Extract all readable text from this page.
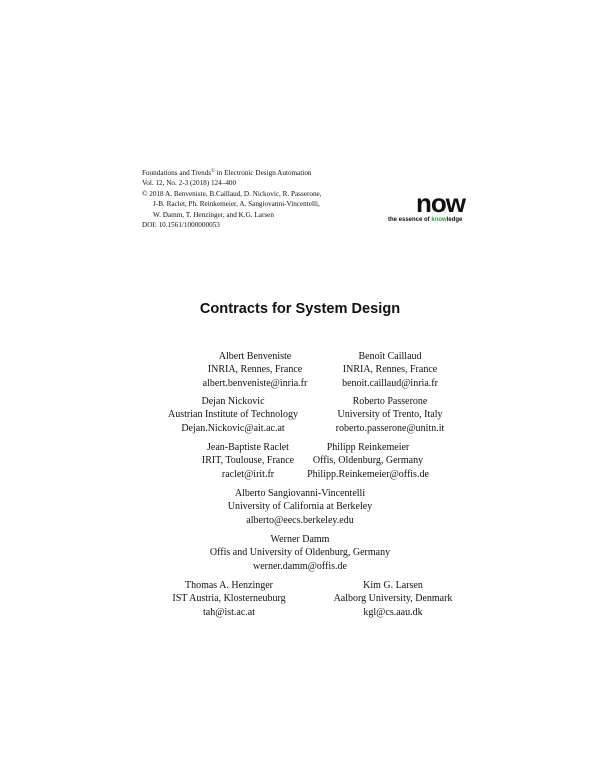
Foundations and Trends© in Electronic Design Automation
Vol. 12, No. 2-3 (2018) 124–400
© 2018 A. Benveniste, B.Caillaud, D. Nickovic, R. Passerone,
J-B. Raclet, Ph. Reinkemeier, A. Sangiovanni-Vincentelli,
W. Damm, T. Henzinger, and K.G. Larsen
DOI: 10.1561/1000000053
now
the essence of knowledge
Contracts for System Design
Albert Benveniste
INRIA, Rennes, France
albert.benveniste@inria.fr
Benoît Caillaud
INRIA, Rennes, France
benoit.caillaud@inria.fr
Dejan Nickovic
Austrian Institute of Technology
Dejan.Nickovic@ait.ac.at
Roberto Passerone
University of Trento, Italy
roberto.passerone@unitn.it
Jean-Baptiste Raclet
IRIT, Toulouse, France
raclet@irit.fr
Philipp Reinkemeier
Offis, Oldenburg, Germany
Philipp.Reinkemeier@offis.de
Alberto Sangiovanni-Vincentelli
University of California at Berkeley
alberto@eecs.berkeley.edu
Werner Damm
Offis and University of Oldenburg, Germany
werner.damm@offis.de
Thomas A. Henzinger
IST Austria, Klosterneuburg
tah@ist.ac.at
Kim G. Larsen
Aalborg University, Denmark
kgl@cs.aau.dk
